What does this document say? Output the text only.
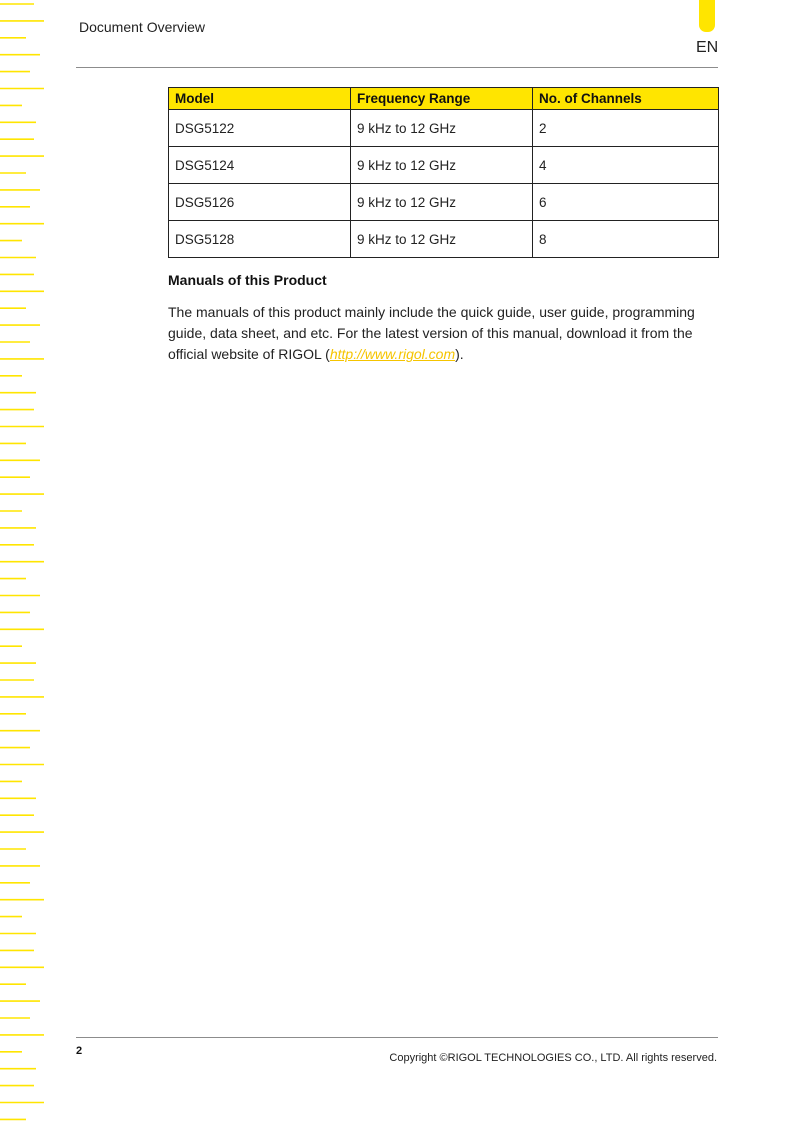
Document Overview
EN
Model	Frequency Range	No. of Channels
DSG5122	9 kHz to 12 GHz	2
DSG5124	9 kHz to 12 GHz	4
DSG5126	9 kHz to 12 GHz	6
DSG5128	9 kHz to 12 GHz	8
Manuals of this Product

The manuals of this product mainly include the quick guide, user guide, programming guide, data sheet, and etc. For the latest version of this manual, download it from the official website of RIGOL (http://www.rigol.com).

2
Copyright ©RIGOL TECHNOLOGIES CO., LTD. All rights reserved.
